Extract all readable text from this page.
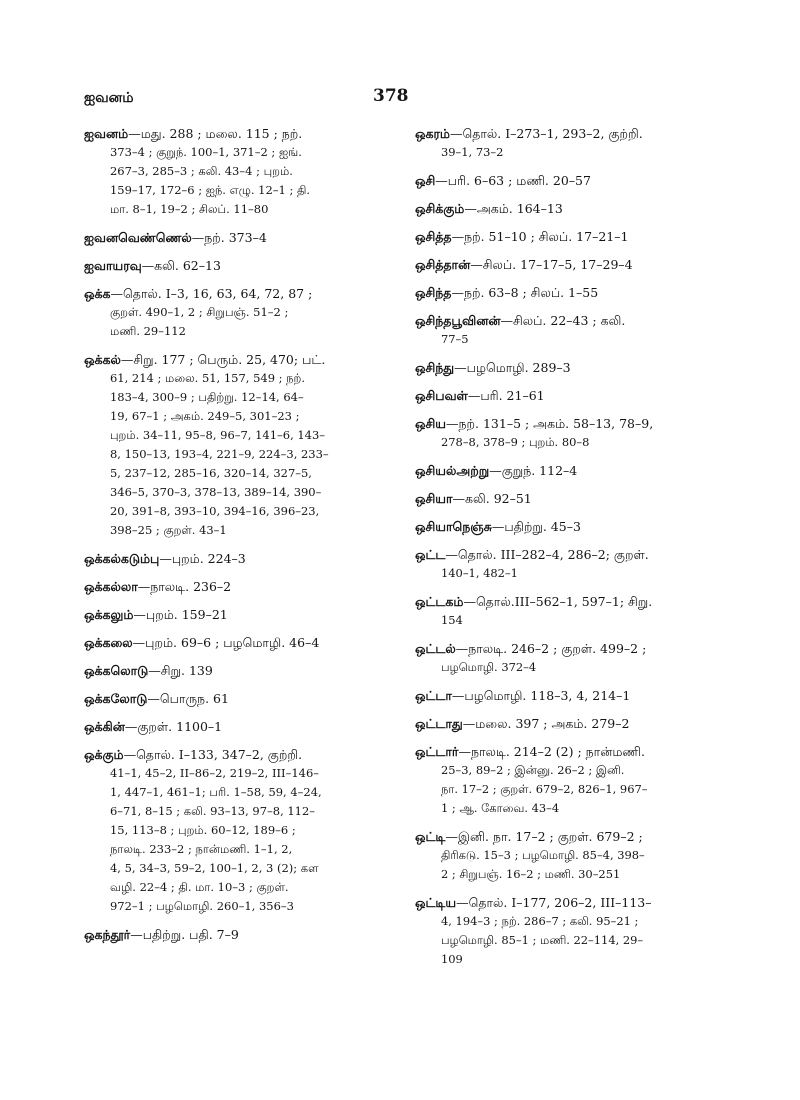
ஐவனம்	378
ஐவனம்—மது. 288 ; மலை. 115 ; நற்.
373–4 ; குறுந். 100–1, 371–2 ; ஐங்.
267–3, 285–3 ; கலி. 43–4 ; புறம்.
159–17, 172–6 ; ஐந். எழு. 12–1 ; தி.
மா. 8–1, 19–2 ; சிலப். 11–80
ஐவனவெண்ணெல்—நற். 373–4
ஐவாயரவு—கலி. 62–13
ஒக்க—தொல். I–3, 16, 63, 64, 72, 87 ;
குறள். 490–1, 2 ; சிறுபஞ். 51–2 ;
மணி. 29–112
ஒக்கல்—சிறு. 177 ; பெரும். 25, 470; பட்.
61, 214 ; மலை. 51, 157, 549 ; நற்.
183–4, 300–9 ; பதிற்று. 12–14, 64–
19, 67–1 ; அகம். 249–5, 301–23 ;
புறம். 34–11, 95–8, 96–7, 141–6, 143–
8, 150–13, 193–4, 221–9, 224–3, 233–
5, 237–12, 285–16, 320–14, 327–5,
346–5, 370–3, 378–13, 389–14, 390–
20, 391–8, 393–10, 394–16, 396–23,
398–25 ; குறள். 43–1
ஒக்கல்கடும்பு—புறம். 224–3
ஒக்கல்லா—நாலடி. 236–2
ஒக்கலும்—புறம். 159–21
ஒக்கலை—புறம். 69–6 ; பழமொழி. 46–4
ஒக்கலொடு—சிறு. 139
ஒக்கலோடு—பொருந. 61
ஒக்கின்—குறள். 1100–1
ஒக்கும்—தொல். I–133, 347–2, குற்றி.
41–1, 45–2, II–86–2, 219–2, III–146–
1, 447–1, 461–1; பரி. 1–58, 59, 4–24,
6–71, 8–15 ; கலி. 93–13, 97–8, 112–
15, 113–8 ; புறம். 60–12, 189–6 ;
நாலடி. 233–2 ; நான்மணி. 1–1, 2,
4, 5, 34–3, 59–2, 100–1, 2, 3 (2); கள
வழி. 22–4 ; தி. மா. 10–3 ; குறள்.
972–1 ; பழமொழி. 260–1, 356–3
ஒகந்தூர்—பதிற்று. பதி. 7–9
ஒகரம்—தொல். I–273–1, 293–2, குற்றி.
39–1, 73–2
ஒசி—பரி. 6–63 ; மணி. 20–57
ஒசிக்கும்—அகம். 164–13
ஒசித்த—நற். 51–10 ; சிலப். 17–21–1
ஒசித்தான்—சிலப். 17–17–5, 17–29–4
ஒசிந்த—நற். 63–8 ; சிலப். 1–55
ஒசிந்தபூவினன்—சிலப். 22–43 ; கலி.
77–5
ஒசிந்து—பழமொழி. 289–3
ஒசிபவள்—பரி. 21–61
ஒசிய—நற். 131–5 ; அகம். 58–13, 78–9,
278–8, 378–9 ; புறம். 80–8
ஒசியல்அற்று—குறுந். 112–4
ஒசியா—கலி. 92–51
ஒசியாநெஞ்சு—பதிற்று. 45–3
ஒட்ட—தொல். III–282–4, 286–2; குறள்.
140–1, 482–1
ஒட்டகம்—தொல்.III–562–1, 597–1; சிறு.
154
ஒட்டல்—நாலடி. 246–2 ; குறள். 499–2 ;
பழமொழி. 372–4
ஒட்டா—பழமொழி. 118–3, 4, 214–1
ஒட்டாது—மலை. 397 ; அகம். 279–2
ஒட்டார்—நாலடி. 214–2 (2) ; நான்மணி.
25–3, 89–2 ; இன்னு. 26–2 ; இனி.
நா. 17–2 ; குறள். 679–2, 826–1, 967–
1 ; ஆ. கோவை. 43–4
ஒட்டி—இனி. நா. 17–2 ; குறள். 679–2 ;
திரிகடு. 15–3 ; பழமொழி. 85–4, 398–
2 ; சிறுபஞ். 16–2 ; மணி. 30–251
ஒட்டிய—தொல். I–177, 206–2, III–113–
4, 194–3 ; நற். 286–7 ; கலி. 95–21 ;
பழமொழி. 85–1 ; மணி. 22–114, 29–
109
